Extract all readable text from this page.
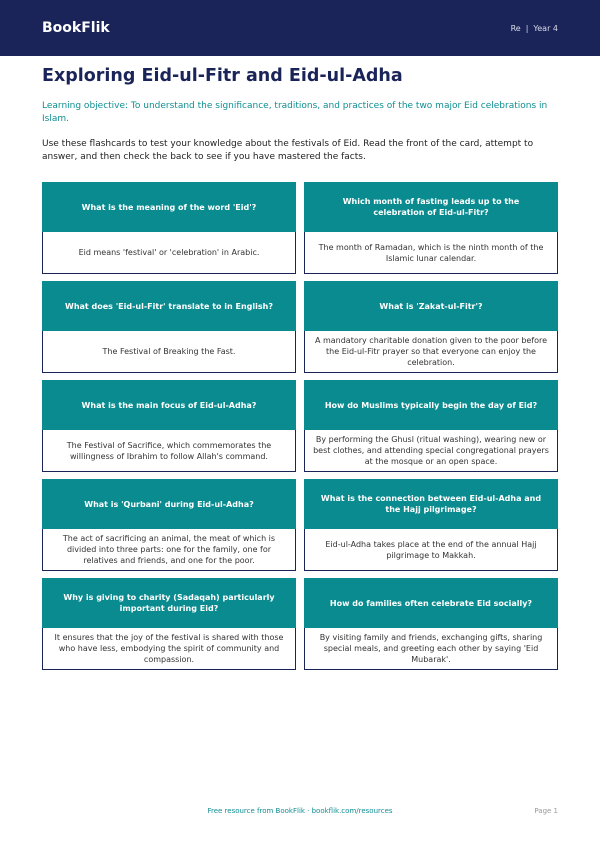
BookFlik	Re | Year 4
Exploring Eid-ul-Fitr and Eid-ul-Adha
Learning objective: To understand the significance, traditions, and practices of the two major Eid celebrations in Islam.
Use these flashcards to test your knowledge about the festivals of Eid. Read the front of the card, attempt to answer, and then check the back to see if you have mastered the facts.
What is the meaning of the word 'Eid'?
Eid means 'festival' or 'celebration' in Arabic.
Which month of fasting leads up to the celebration of Eid-ul-Fitr?
The month of Ramadan, which is the ninth month of the Islamic lunar calendar.
What does 'Eid-ul-Fitr' translate to in English?
The Festival of Breaking the Fast.
What is 'Zakat-ul-Fitr'?
A mandatory charitable donation given to the poor before the Eid-ul-Fitr prayer so that everyone can enjoy the celebration.
What is the main focus of Eid-ul-Adha?
The Festival of Sacrifice, which commemorates the willingness of Ibrahim to follow Allah's command.
How do Muslims typically begin the day of Eid?
By performing the Ghusl (ritual washing), wearing new or best clothes, and attending special congregational prayers at the mosque or an open space.
What is 'Qurbani' during Eid-ul-Adha?
The act of sacrificing an animal, the meat of which is divided into three parts: one for the family, one for relatives and friends, and one for the poor.
What is the connection between Eid-ul-Adha and the Hajj pilgrimage?
Eid-ul-Adha takes place at the end of the annual Hajj pilgrimage to Makkah.
Why is giving to charity (Sadaqah) particularly important during Eid?
It ensures that the joy of the festival is shared with those who have less, embodying the spirit of community and compassion.
How do families often celebrate Eid socially?
By visiting family and friends, exchanging gifts, sharing special meals, and greeting each other by saying 'Eid Mubarak'.
Free resource from BookFlik · bookflik.com/resources	Page 1
